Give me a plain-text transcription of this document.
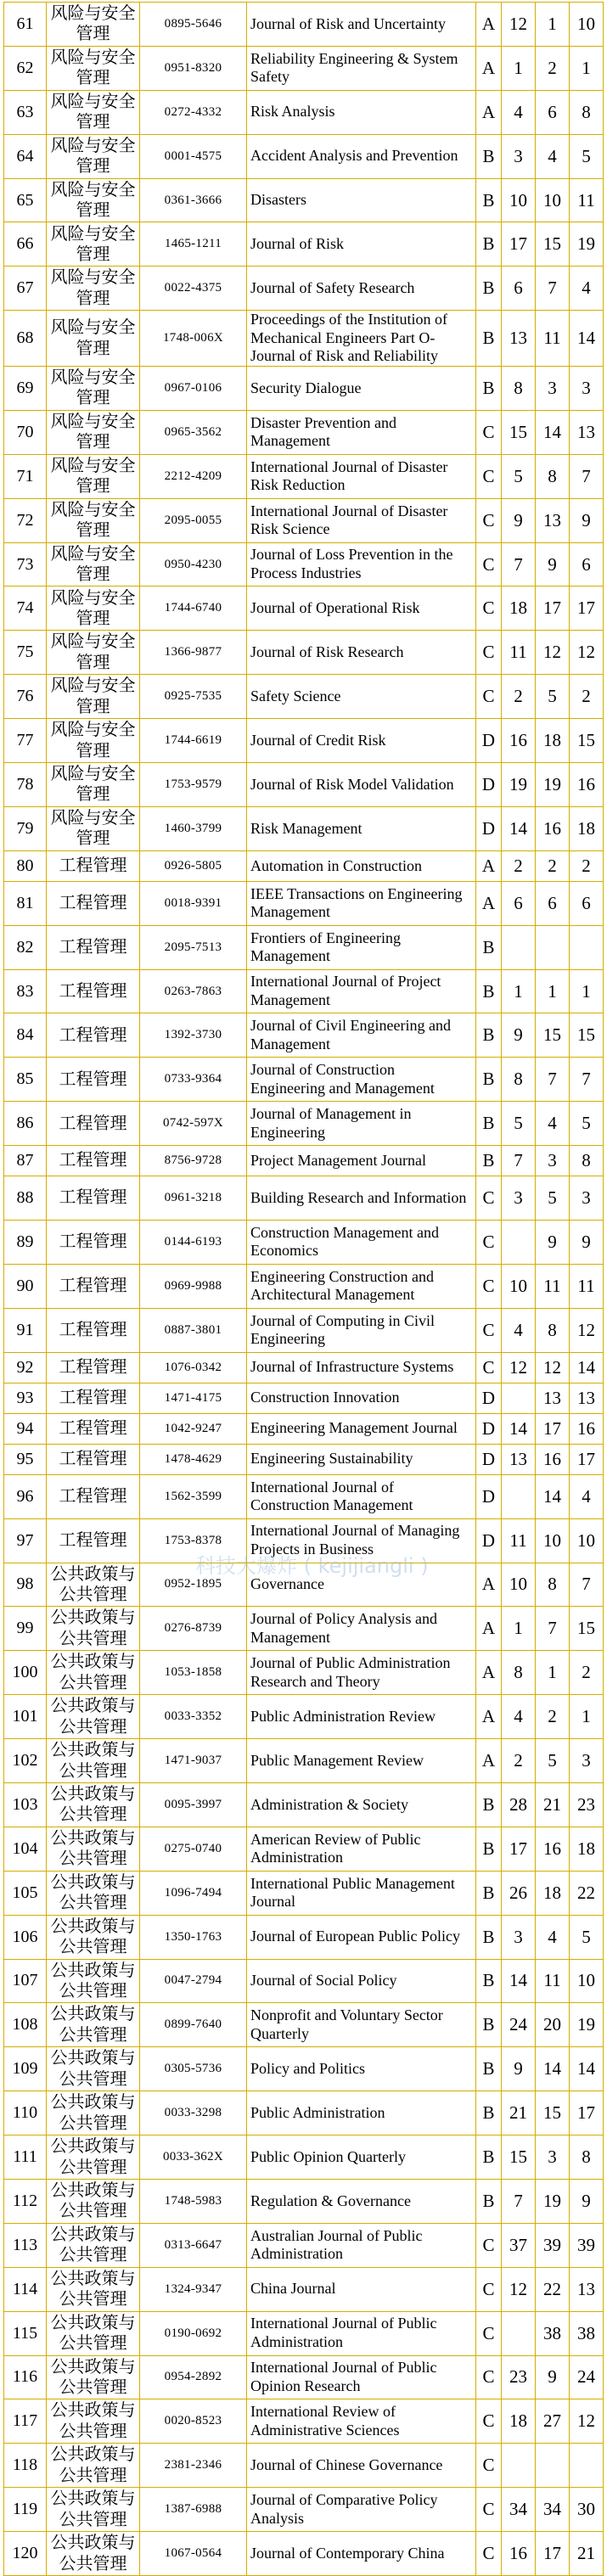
61	风险与安全管理	0895-5646	Journal of Risk and Uncertainty	A	12	1	10
62	风险与安全管理	0951-8320	Reliability Engineering & System Safety	A	1	2	1
63	风险与安全管理	0272-4332	Risk Analysis	A	4	6	8
64	风险与安全管理	0001-4575	Accident Analysis and Prevention	B	3	4	5
65	风险与安全管理	0361-3666	Disasters	B	10	10	11
66	风险与安全管理	1465-1211	Journal of Risk	B	17	15	19
67	风险与安全管理	0022-4375	Journal of Safety Research	B	6	7	4
68	风险与安全管理	1748-006X	Proceedings of the Institution of Mechanical Engineers Part O-Journal of Risk and Reliability	B	13	11	14
69	风险与安全管理	0967-0106	Security Dialogue	B	8	3	3
70	风险与安全管理	0965-3562	Disaster Prevention and Management	C	15	14	13
71	风险与安全管理	2212-4209	International Journal of Disaster Risk Reduction	C	5	8	7
72	风险与安全管理	2095-0055	International Journal of Disaster Risk Science	C	9	13	9
73	风险与安全管理	0950-4230	Journal of Loss Prevention in the Process Industries	C	7	9	6
74	风险与安全管理	1744-6740	Journal of Operational Risk	C	18	17	17
75	风险与安全管理	1366-9877	Journal of Risk Research	C	11	12	12
76	风险与安全管理	0925-7535	Safety Science	C	2	5	2
77	风险与安全管理	1744-6619	Journal of Credit Risk	D	16	18	15
78	风险与安全管理	1753-9579	Journal of Risk Model Validation	D	19	19	16
79	风险与安全管理	1460-3799	Risk Management	D	14	16	18
80	工程管理	0926-5805	Automation in Construction	A	2	2	2
81	工程管理	0018-9391	IEEE Transactions on Engineering Management	A	6	6	6
82	工程管理	2095-7513	Frontiers of Engineering Management	B			
83	工程管理	0263-7863	International Journal of Project Management	B	1	1	1
84	工程管理	1392-3730	Journal of Civil Engineering and Management	B	9	15	15
85	工程管理	0733-9364	Journal of Construction Engineering and Management	B	8	7	7
86	工程管理	0742-597X	Journal of Management in Engineering	B	5	4	5
87	工程管理	8756-9728	Project Management Journal	B	7	3	8
88	工程管理	0961-3218	Building Research and Information	C	3	5	3
89	工程管理	0144-6193	Construction Management and Economics	C		9	9
90	工程管理	0969-9988	Engineering Construction and Architectural Management	C	10	11	11
91	工程管理	0887-3801	Journal of Computing in Civil Engineering	C	4	8	12
92	工程管理	1076-0342	Journal of Infrastructure Systems	C	12	12	14
93	工程管理	1471-4175	Construction Innovation	D		13	13
94	工程管理	1042-9247	Engineering Management Journal	D	14	17	16
95	工程管理	1478-4629	Engineering Sustainability	D	13	16	17
96	工程管理	1562-3599	International Journal of Construction Management	D		14	4
97	工程管理	1753-8378	International Journal of Managing Projects in Business	D	11	10	10
98	公共政策与公共管理	0952-1895	Governance	A	10	8	7
99	公共政策与公共管理	0276-8739	Journal of Policy Analysis and Management	A	1	7	15
100	公共政策与公共管理	1053-1858	Journal of Public Administration Research and Theory	A	8	1	2
101	公共政策与公共管理	0033-3352	Public Administration Review	A	4	2	1
102	公共政策与公共管理	1471-9037	Public Management Review	A	2	5	3
103	公共政策与公共管理	0095-3997	Administration & Society	B	28	21	23
104	公共政策与公共管理	0275-0740	American Review of Public Administration	B	17	16	18
105	公共政策与公共管理	1096-7494	International Public Management Journal	B	26	18	22
106	公共政策与公共管理	1350-1763	Journal of European Public Policy	B	3	4	5
107	公共政策与公共管理	0047-2794	Journal of Social Policy	B	14	11	10
108	公共政策与公共管理	0899-7640	Nonprofit and Voluntary Sector Quarterly	B	24	20	19
109	公共政策与公共管理	0305-5736	Policy and Politics	B	9	14	14
110	公共政策与公共管理	0033-3298	Public Administration	B	21	15	17
111	公共政策与公共管理	0033-362X	Public Opinion Quarterly	B	15	3	8
112	公共政策与公共管理	1748-5983	Regulation & Governance	B	7	19	9
113	公共政策与公共管理	0313-6647	Australian Journal of Public Administration	C	37	39	39
114	公共政策与公共管理	1324-9347	China Journal	C	12	22	13
115	公共政策与公共管理	0190-0692	International Journal of Public Administration	C		38	38
116	公共政策与公共管理	0954-2892	International Journal of Public Opinion Research	C	23	9	24
117	公共政策与公共管理	0020-8523	International Review of Administrative Sciences	C	18	27	12
118	公共政策与公共管理	2381-2346	Journal of Chinese Governance	C			
119	公共政策与公共管理	1387-6988	Journal of Comparative Policy Analysis	C	34	34	30
120	公共政策与公共管理	1067-0564	Journal of Contemporary China	C	16	17	21
科技大爆炸 ( kejijiangli )
